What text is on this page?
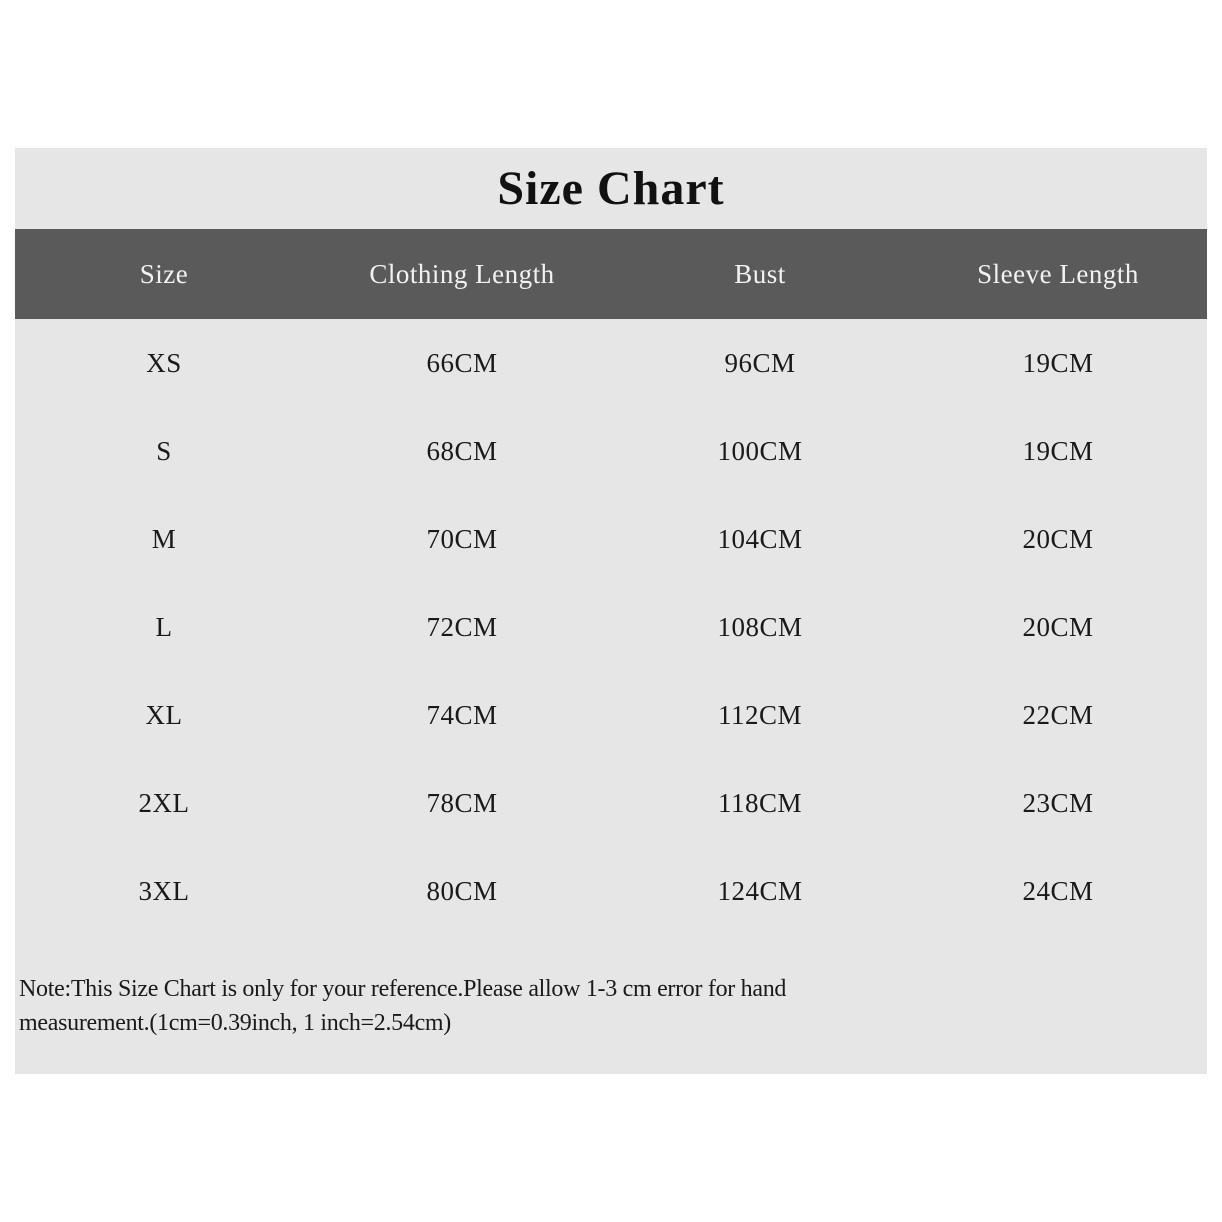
Size Chart
Size	Clothing Length	Bust	Sleeve Length
XS	66CM	96CM	19CM
S	68CM	100CM	19CM
M	70CM	104CM	20CM
L	72CM	108CM	20CM
XL	74CM	112CM	22CM
2XL	78CM	118CM	23CM
3XL	80CM	124CM	24CM
Note:This Size Chart is only for your reference.Please allow 1-3 cm error for hand
measurement.(1cm=0.39inch, 1 inch=2.54cm)
